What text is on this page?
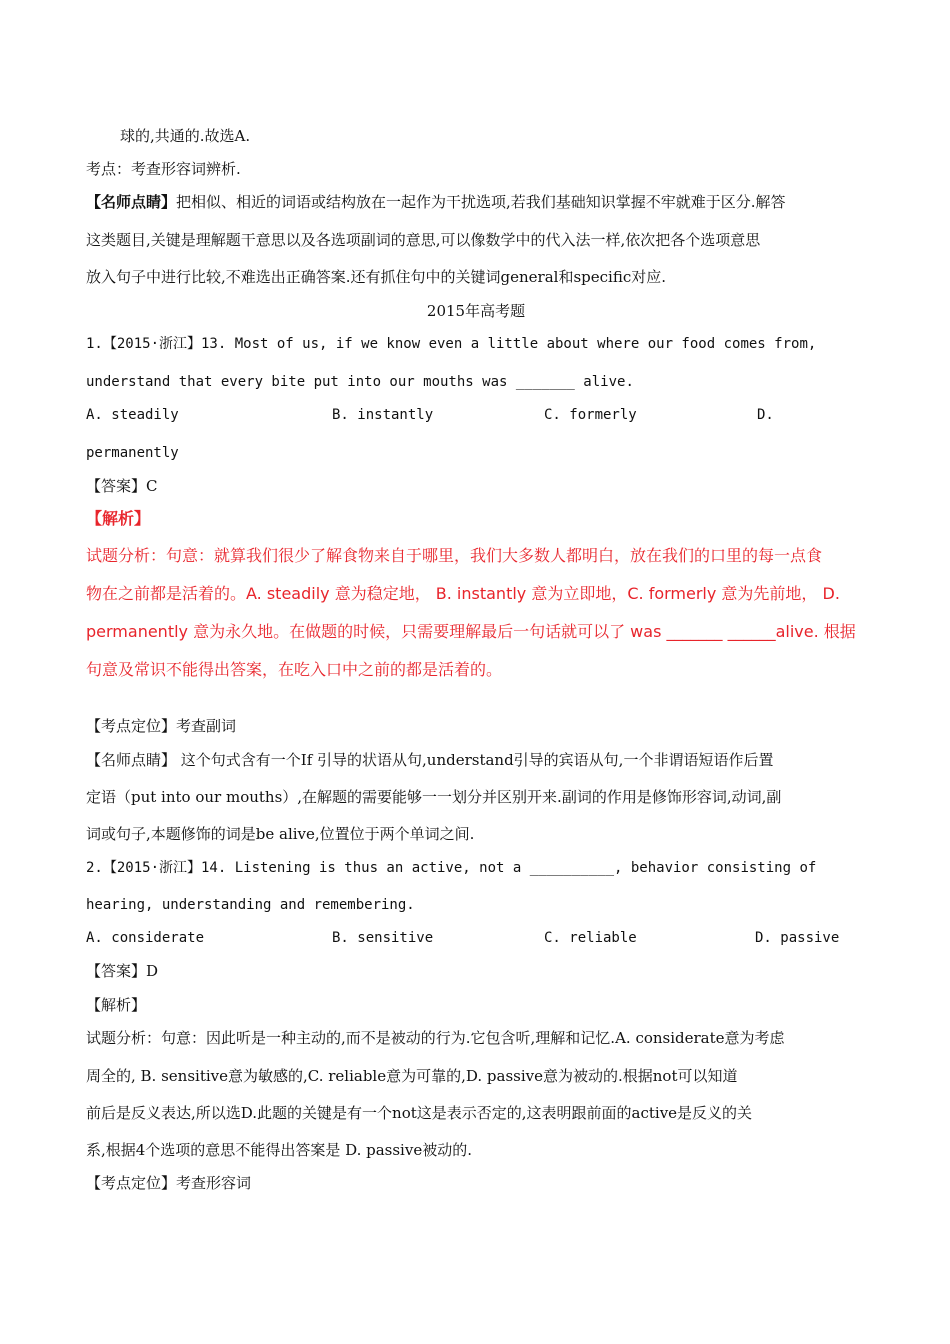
球的,共通的.故选A.
考点：考查形容词辨析.
【名师点睛】把相似、相近的词语或结构放在一起作为干扰选项,若我们基础知识掌握不牢就难于区分.解答
这类题目,关键是理解题干意思以及各选项副词的意思,可以像数学中的代入法一样,依次把各个选项意思
放入句子中进行比较,不难选出正确答案.还有抓住句中的关键词general和specific对应.
2015年高考题
1.【2015·浙江】13. Most of us, if we know even a little about where our food comes from,
understand that every bite put into our mouths was _______ alive.
A. steadily	B. instantly	C. formerly	D.
permanently
【答案】C
【解析】
试题分析：句意：就算我们很少了解食物来自于哪里，我们大多数人都明白，放在我们的口里的每一点食
物在之前都是活着的。A. steadily 意为稳定地， B. instantly 意为立即地，C. formerly 意为先前地， D.
permanently 意为永久地。在做题的时候，只需要理解最后一句话就可以了 was _______ ______alive. 根据
句意及常识不能得出答案，在吃入口中之前的都是活着的。
【考点定位】考查副词
【名师点睛】 这个句式含有一个If 引导的状语从句,understand引导的宾语从句,一个非谓语短语作后置
定语（put into our mouths）,在解题的需要能够一一划分并区别开来.副词的作用是修饰形容词,动词,副
词或句子,本题修饰的词是be alive,位置位于两个单词之间.
2.【2015·浙江】14. Listening is thus an active, not a __________, behavior consisting of
hearing, understanding and remembering.
A. considerate	B. sensitive	C. reliable	D. passive
【答案】D
【解析】
试题分析：句意：因此听是一种主动的,而不是被动的行为.它包含听,理解和记忆.A. considerate意为考虑
周全的, B. sensitive意为敏感的,C. reliable意为可靠的,D. passive意为被动的.根据not可以知道
前后是反义表达,所以选D.此题的关键是有一个not这是表示否定的,这表明跟前面的active是反义的关
系,根据4个选项的意思不能得出答案是 D. passive被动的.
【考点定位】考查形容词
